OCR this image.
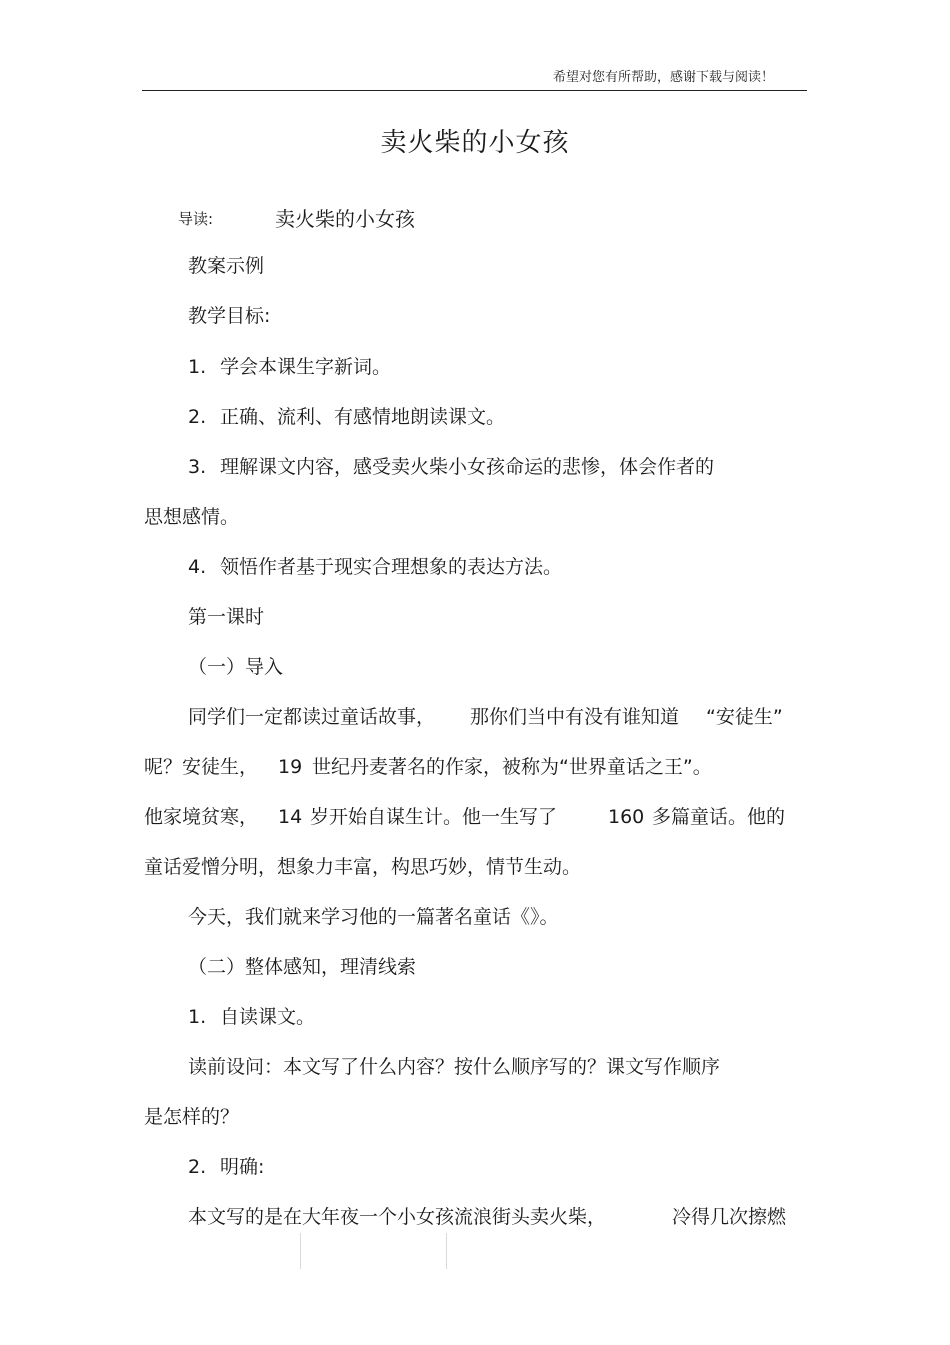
希望对您有所帮助，感谢下载与阅读！
卖火柴的小女孩
导读:	卖火柴的小女孩
教案示例
教学目标:
1. 学会本课生字新词。
2. 正确、流利、有感情地朗读课文。
3. 理解课文内容，感受卖火柴小女孩命运的悲惨，体会作者的
思想感情。
4. 领悟作者基于现实合理想象的表达方法。
第一课时
（一）导入
同学们一定都读过童话故事， 那你们当中有没有谁知道 “安徒生”
呢？安徒生， 19 世纪丹麦著名的作家，被称为“世界童话之王”。
他家境贫寒， 14 岁开始自谋生计。他一生写了	160 多篇童话。他的
童话爱憎分明，想象力丰富，构思巧妙，情节生动。
今天，我们就来学习他的一篇著名童话《》。
（二）整体感知，理清线索
1. 自读课文。
读前设问：本文写了什么内容？按什么顺序写的？课文写作顺序
是怎样的？
2. 明确:
本文写的是在大年夜一个小女孩流浪街头卖火柴，	冷得几次擦燃
